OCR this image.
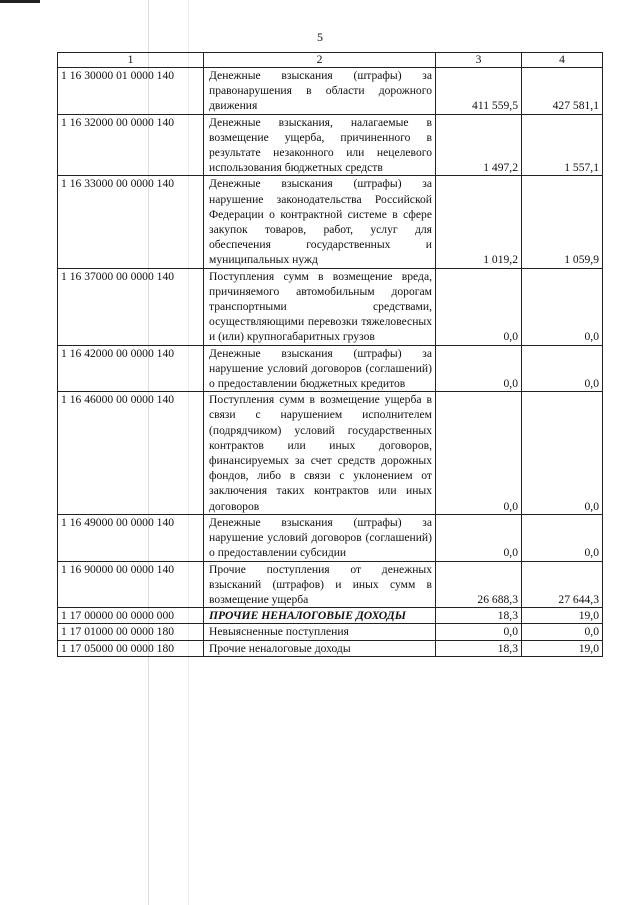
5
1	2	3	4
1 16 30000 01 0000 140	Денежные взыскания (штрафы) за правонарушения в области дорожного движения	411 559,5	427 581,1
1 16 32000 00 0000 140	Денежные взыскания, налагаемые в возмещение ущерба, причиненного в результате незаконного или нецелевого использования бюджетных средств	1 497,2	1 557,1
1 16 33000 00 0000 140	Денежные взыскания (штрафы) за нарушение законодательства Российской Федерации о контрактной системе в сфере закупок товаров, работ, услуг для обеспечения государственных и муниципальных нужд	1 019,2	1 059,9
1 16 37000 00 0000 140	Поступления сумм в возмещение вреда, причиняемого автомобильным дорогам транспортными средствами, осуществляющими перевозки тяжеловесных и (или) крупногабаритных грузов	0,0	0,0
1 16 42000 00 0000 140	Денежные взыскания (штрафы) за нарушение условий договоров (соглашений) о предоставлении бюджетных кредитов	0,0	0,0
1 16 46000 00 0000 140	Поступления сумм в возмещение ущерба в связи с нарушением исполнителем (подрядчиком) условий государственных контрактов или иных договоров, финансируемых за счет средств дорожных фондов, либо в связи с уклонением от заключения таких контрактов или иных договоров	0,0	0,0
1 16 49000 00 0000 140	Денежные взыскания (штрафы) за нарушение условий договоров (соглашений) о предоставлении субсидии	0,0	0,0
1 16 90000 00 0000 140	Прочие поступления от денежных взысканий (штрафов) и иных сумм в возмещение ущерба	26 688,3	27 644,3
1 17 00000 00 0000 000	ПРОЧИЕ НЕНАЛОГОВЫЕ ДОХОДЫ	18,3	19,0
1 17 01000 00 0000 180	Невыясненные поступления	0,0	0,0
1 17 05000 00 0000 180	Прочие неналоговые доходы	18,3	19,0
